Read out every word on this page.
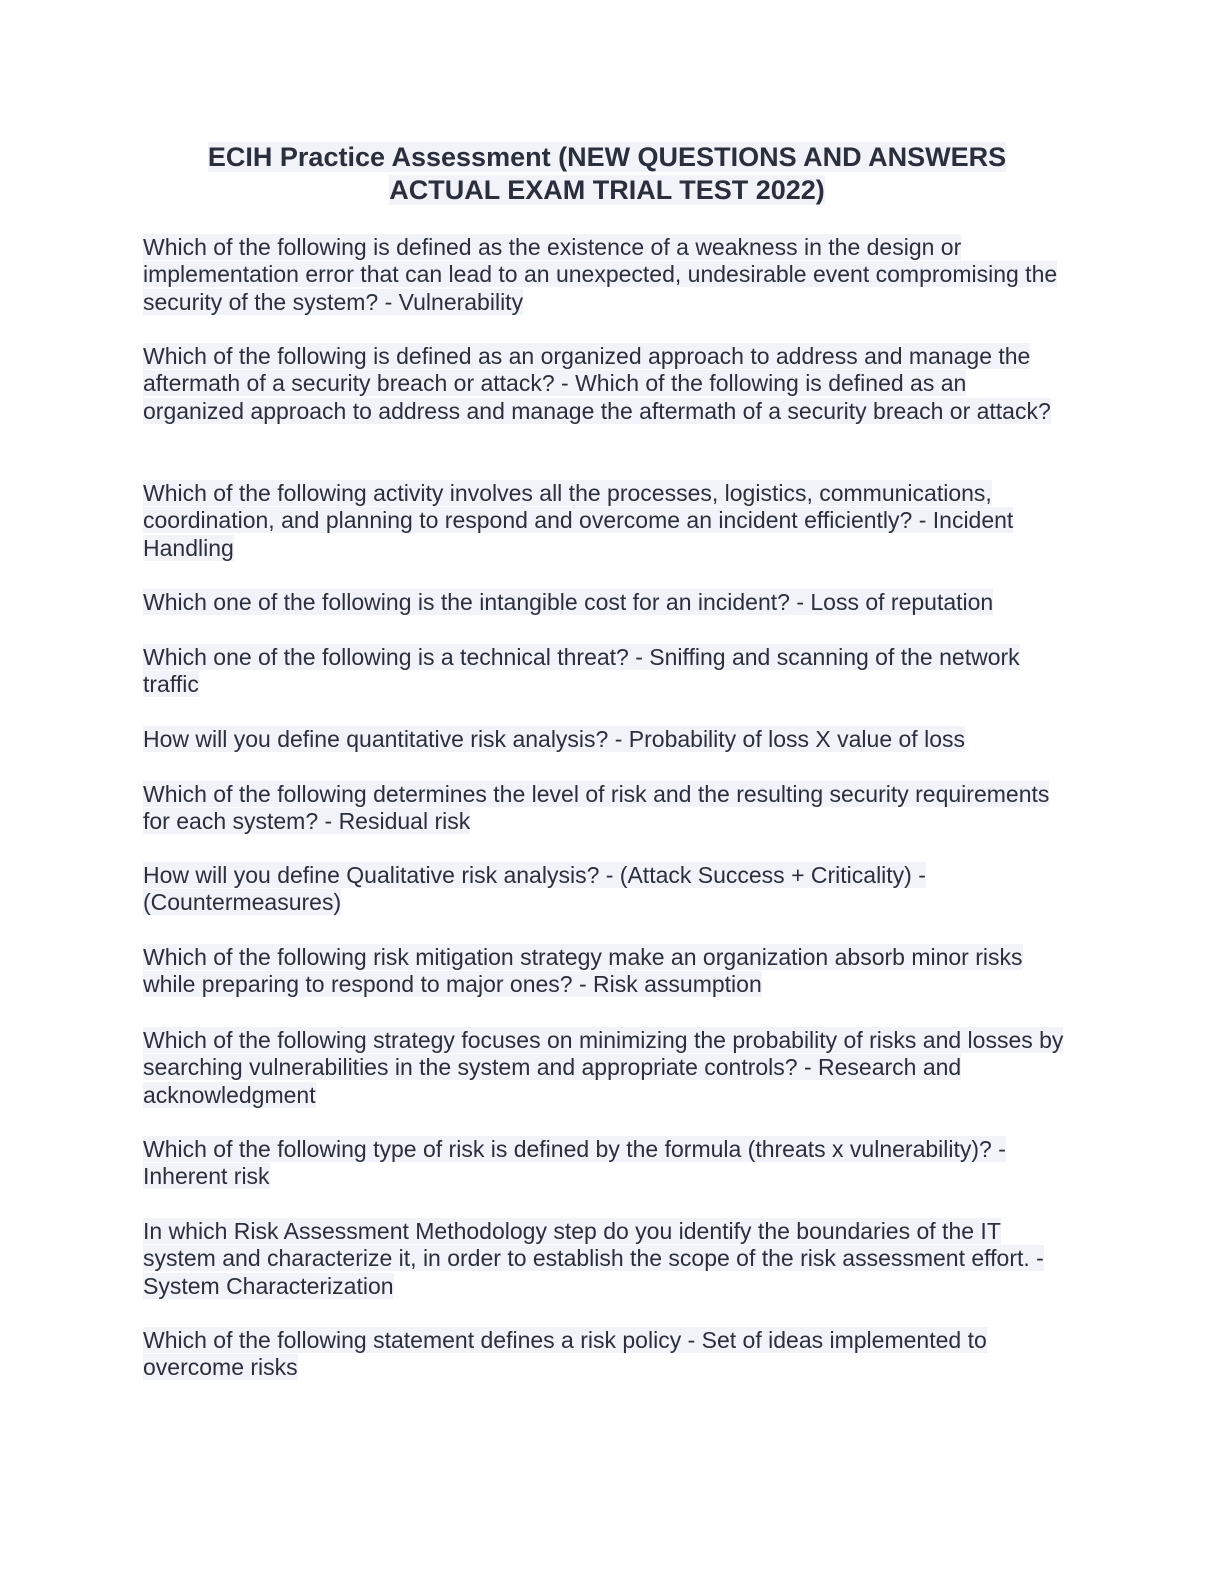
ECIH Practice Assessment (NEW QUESTIONS AND ANSWERS
ACTUAL EXAM TRIAL TEST 2022)
Which of the following is defined as the existence of a weakness in the design or implementation error that can lead to an unexpected, undesirable event compromising the security of the system? - Vulnerability
Which of the following is defined as an organized approach to address and manage the aftermath of a security breach or attack? - Which of the following is defined as an organized approach to address and manage the aftermath of a security breach or attack?
Which of the following activity involves all the processes, logistics, communications, coordination, and planning to respond and overcome an incident efficiently? - Incident Handling
Which one of the following is the intangible cost for an incident? - Loss of reputation
Which one of the following is a technical threat? - Sniffing and scanning of the network traffic
How will you define quantitative risk analysis? - Probability of loss X value of loss
Which of the following determines the level of risk and the resulting security requirements for each system? - Residual risk
How will you define Qualitative risk analysis? - (Attack Success + Criticality) - (Countermeasures)
Which of the following risk mitigation strategy make an organization absorb minor risks while preparing to respond to major ones? - Risk assumption
Which of the following strategy focuses on minimizing the probability of risks and losses by searching vulnerabilities in the system and appropriate controls? - Research and acknowledgment
Which of the following type of risk is defined by the formula (threats x vulnerability)? - Inherent risk
In which Risk Assessment Methodology step do you identify the boundaries of the IT system and characterize it, in order to establish the scope of the risk assessment effort. - System Characterization
Which of the following statement defines a risk policy - Set of ideas implemented to overcome risks
